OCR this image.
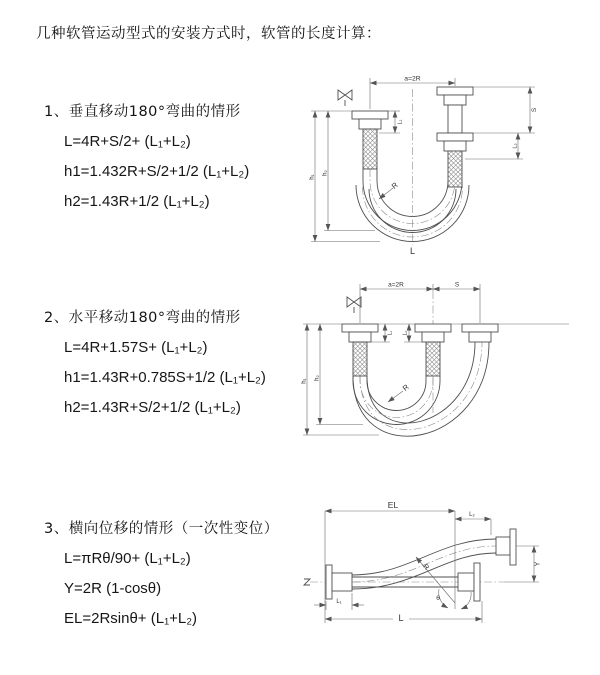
几种软管运动型式的安装方式时，软管的长度计算：
1、垂直移动180°弯曲的情形
L=4R+S/2+ (L₁+L₂)
h1=1.432R+S/2+1/2 (L₁+L₂)
h2=1.43R+1/2 (L₁+L₂)
2、水平移动180°弯曲的情形
L=4R+1.57S+ (L₁+L₂)
h1=1.43R+0.785S+1/2 (L₁+L₂)
h2=1.43R+S/2+1/2 (L₁+L₂)
3、横向位移的情形（一次性变位）
L=πRθ/90+ (L₁+L₂)
Y=2R (1-cosθ)
EL=2Rsinθ+ (L₁+L₂)
a=2R
h₁
h₂
L₁
S
L₂
R
L
a=2R	S
h₁
h₂
L₁ L₂
R
EL
L₂
Y
R
θ
L
L₁
